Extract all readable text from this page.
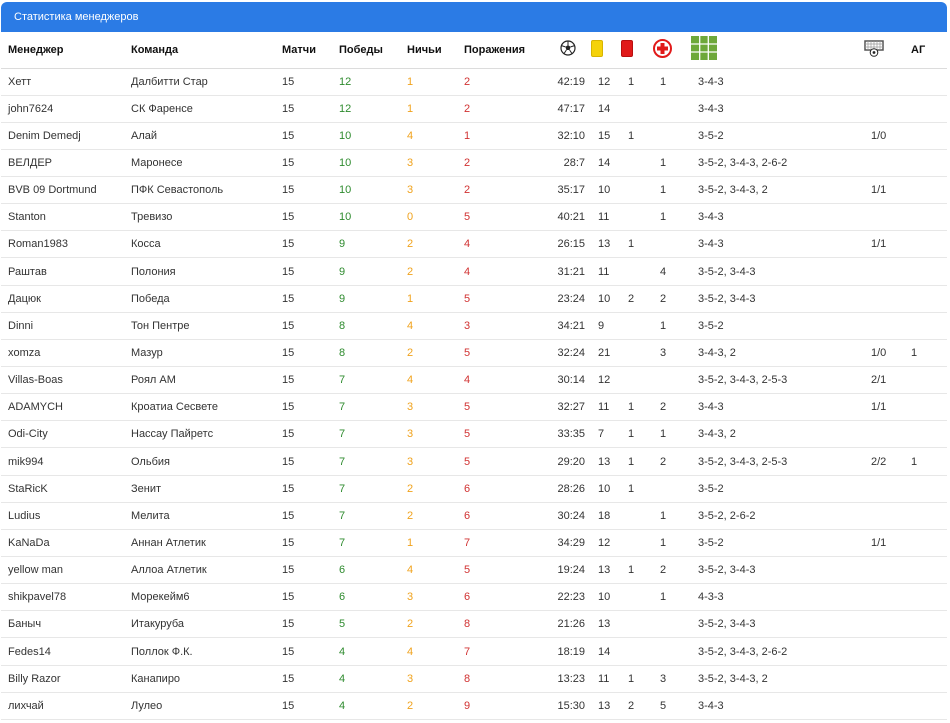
Статистика менеджеров
Менеджер	Команда	Матчи	Победы	Ничьи	Поражения							АГ
Хетт	Далбитти Стар	15	12	1	2	42:19	12	1	1	3-4-3		
john7624	СК Фаренсе	15	12	1	2	47:17	14			3-4-3		
Denim Demedj	Алай	15	10	4	1	32:10	15	1		3-5-2	1/0	
ВЕЛДЕР	Маронесе	15	10	3	2	28:7	14		1	3-5-2, 3-4-3, 2-6-2		
BVB 09 Dortmund	ПФК Севастополь	15	10	3	2	35:17	10		1	3-5-2, 3-4-3, 2	1/1	
Stanton	Тревизо	15	10	0	5	40:21	11		1	3-4-3		
Roman1983	Косса	15	9	2	4	26:15	13	1		3-4-3	1/1	
Раштав	Полония	15	9	2	4	31:21	11		4	3-5-2, 3-4-3		
Дацюк	Победа	15	9	1	5	23:24	10	2	2	3-5-2, 3-4-3		
Dinni	Тон Пентре	15	8	4	3	34:21	9		1	3-5-2		
xomza	Мазур	15	8	2	5	32:24	21		3	3-4-3, 2	1/0	1
Villas-Boas	Роял АМ	15	7	4	4	30:14	12			3-5-2, 3-4-3, 2-5-3	2/1	
ADAMYCH	Кроатиа Сесвете	15	7	3	5	32:27	11	1	2	3-4-3	1/1	
Odi-City	Нассау Пайретс	15	7	3	5	33:35	7	1	1	3-4-3, 2		
mik994	Ольбия	15	7	3	5	29:20	13	1	2	3-5-2, 3-4-3, 2-5-3	2/2	1
StaRicK	Зенит	15	7	2	6	28:26	10	1		3-5-2		
Ludius	Мелита	15	7	2	6	30:24	18		1	3-5-2, 2-6-2		
KaNaDa	Аннан Атлетик	15	7	1	7	34:29	12		1	3-5-2	1/1	
yellow man	Аллоа Атлетик	15	6	4	5	19:24	13	1	2	3-5-2, 3-4-3		
shikpavel78	Морекейм6	15	6	3	6	22:23	10		1	4-3-3		
Баныч	Итакуруба	15	5	2	8	21:26	13			3-5-2, 3-4-3		
Fedes14	Поллок Ф.К.	15	4	4	7	18:19	14			3-5-2, 3-4-3, 2-6-2		
Billy Razor	Канапиро	15	4	3	8	13:23	11	1	3	3-5-2, 3-4-3, 2		
лихчай	Лулео	15	4	2	9	15:30	13	2	5	3-4-3		
